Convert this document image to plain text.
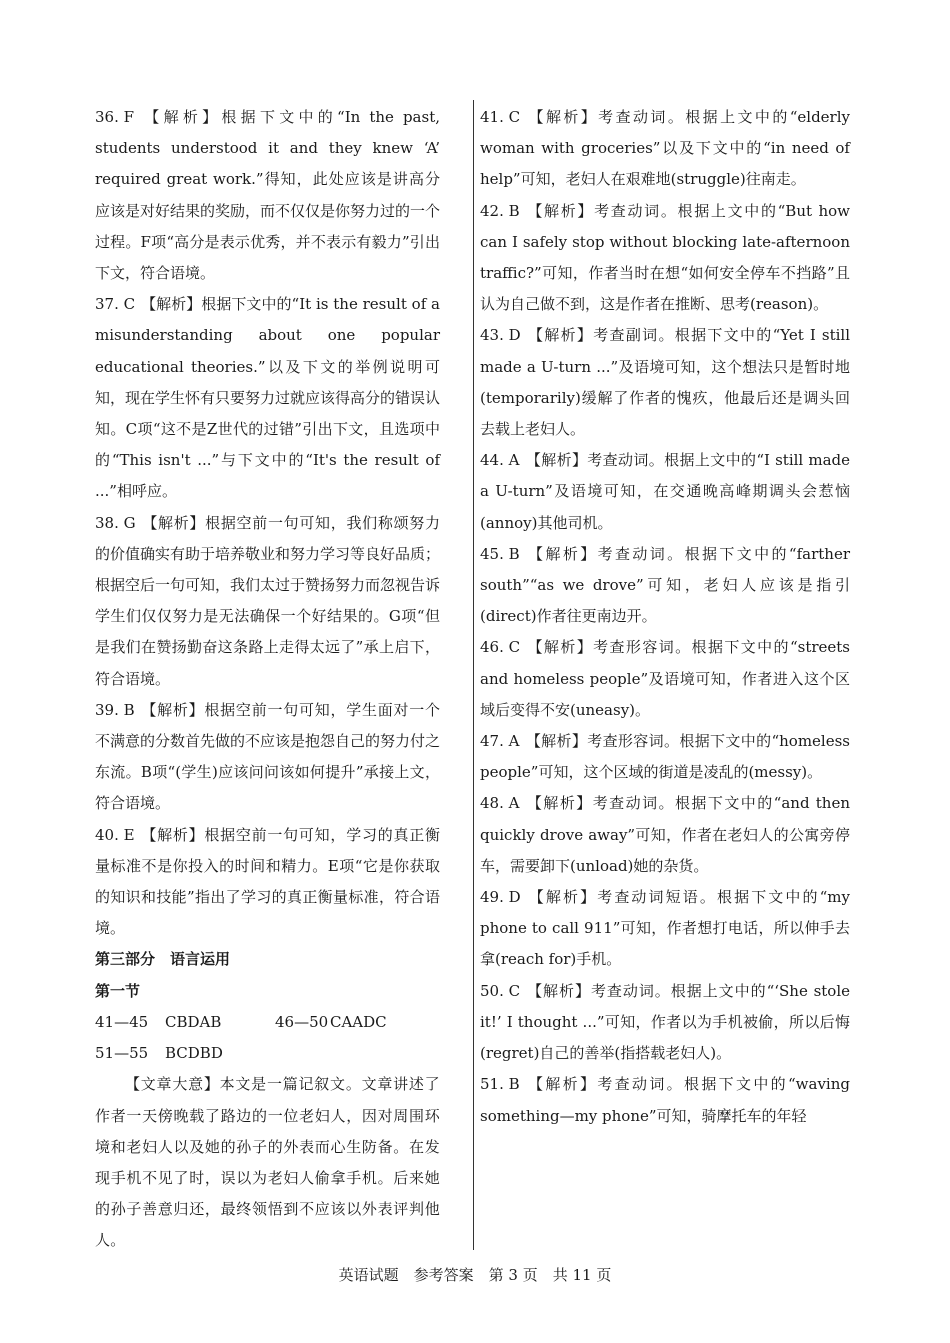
36. F 【解析】根据下文中的“In the past, students understood it and they knew ‘A’ required great work.”得知，此处应该是讲高分应该是对好结果的奖励，而不仅仅是你努力过的一个过程。F项“高分是表示优秀，并不表示有毅力”引出下文，符合语境。
37. C 【解析】根据下文中的“It is the result of a misunderstanding about one popular educational theories.”以及下文的举例说明可知，现在学生怀有只要努力过就应该得高分的错误认知。C项“这不是Z世代的过错”引出下文，且选项中的“This isn't ...”与下文中的“It's the result of ...”相呼应。
38. G 【解析】根据空前一句可知，我们称颂努力的价值确实有助于培养敬业和努力学习等良好品质；根据空后一句可知，我们太过于赞扬努力而忽视告诉学生们仅仅努力是无法确保一个好结果的。G项“但是我们在赞扬勤奋这条路上走得太远了”承上启下，符合语境。
39. B 【解析】根据空前一句可知，学生面对一个不满意的分数首先做的不应该是抱怨自己的努力付之东流。B项“(学生)应该问问该如何提升”承接上文，符合语境。
40. E 【解析】根据空前一句可知，学习的真正衡量标准不是你投入的时间和精力。E项“它是你获取的知识和技能”指出了学习的真正衡量标准，符合语境。
第三部分　语言运用
第一节
41—45 CBDAB	46—50 CAADC
51—55 BCDBD
【文章大意】本文是一篇记叙文。文章讲述了作者一天傍晚载了路边的一位老妇人，因对周围环境和老妇人以及她的孙子的外表而心生防备。在发现手机不见了时，误以为老妇人偷拿手机。后来她的孙子善意归还，最终领悟到不应该以外表评判他人。
41. C 【解析】考查动词。根据上文中的“elderly woman with groceries”以及下文中的“in need of help”可知，老妇人在艰难地(struggle)往南走。
42. B 【解析】考查动词。根据上文中的“But how can I safely stop without blocking late-afternoon traffic?”可知，作者当时在想“如何安全停车不挡路”且认为自己做不到，这是作者在推断、思考(reason)。
43. D 【解析】考查副词。根据下文中的“Yet I still made a U-turn ...”及语境可知，这个想法只是暂时地(temporarily)缓解了作者的愧疚，他最后还是调头回去载上老妇人。
44. A 【解析】考查动词。根据上文中的“I still made a U-turn”及语境可知，在交通晚高峰期调头会惹恼(annoy)其他司机。
45. B 【解析】考查动词。根据下文中的“farther south”“as we drove”可知，老妇人应该是指引(direct)作者往更南边开。
46. C 【解析】考查形容词。根据下文中的“streets and homeless people”及语境可知，作者进入这个区域后变得不安(uneasy)。
47. A 【解析】考查形容词。根据下文中的“homeless people”可知，这个区域的街道是凌乱的(messy)。
48. A 【解析】考查动词。根据下文中的“and then quickly drove away”可知，作者在老妇人的公寓旁停车，需要卸下(unload)她的杂货。
49. D 【解析】考查动词短语。根据下文中的“my phone to call 911”可知，作者想打电话，所以伸手去拿(reach for)手机。
50. C 【解析】考查动词。根据上文中的“‘She stole it!’ I thought ...”可知，作者以为手机被偷，所以后悔(regret)自己的善举(指搭载老妇人)。
51. B 【解析】考查动词。根据下文中的“waving something—my phone”可知，骑摩托车的年轻
英语试题　参考答案　第 3 页　共 11 页
